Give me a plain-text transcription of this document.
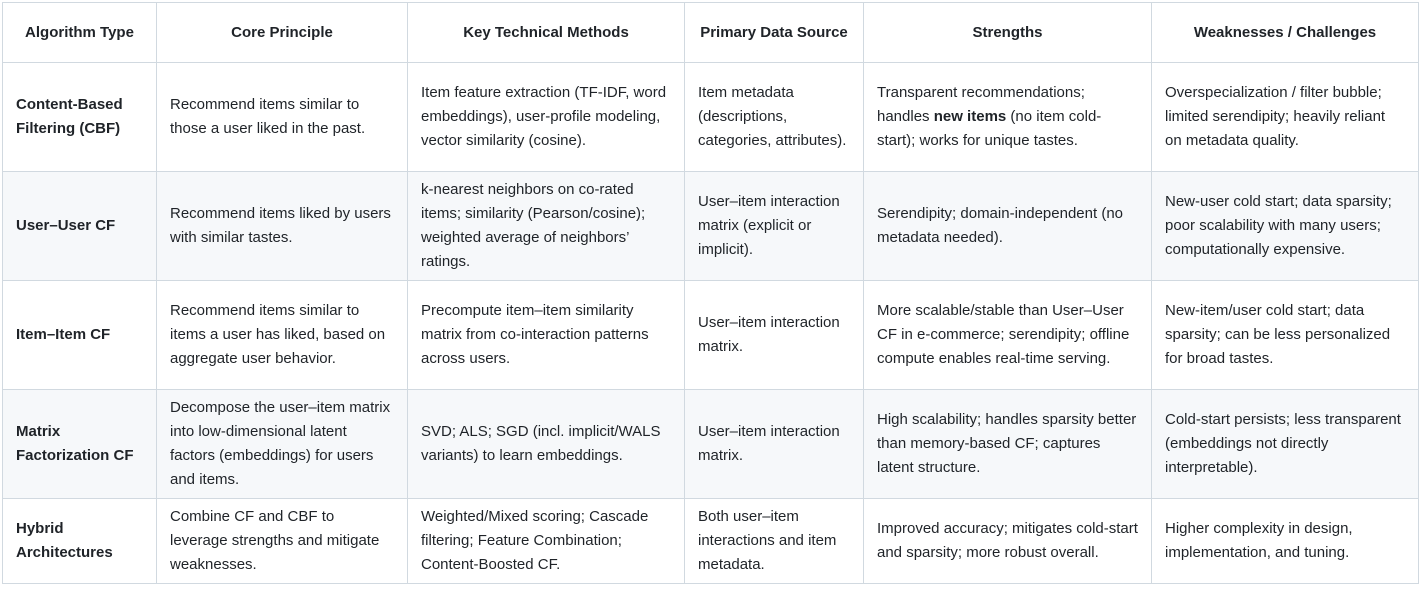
Algorithm Type	Core Principle	Key Technical Methods	Primary Data Source	Strengths	Weaknesses / Challenges
Content-Based Filtering (CBF)	Recommend items similar to those a user liked in the past.	Item feature extraction (TF-IDF, word embeddings), user-profile modeling, vector similarity (cosine).	Item metadata (descriptions, categories, attributes).	Transparent recommendations; handles new items (no item cold-start); works for unique tastes.	Overspecialization / filter bubble; limited serendipity; heavily reliant on metadata quality.
User–User CF	Recommend items liked by users with similar tastes.	k-nearest neighbors on co-rated items; similarity (Pearson/cosine); weighted average of neighbors’ ratings.	User–item interaction matrix (explicit or implicit).	Serendipity; domain-independent (no metadata needed).	New-user cold start; data sparsity; poor scalability with many users; computationally expensive.
Item–Item CF	Recommend items similar to items a user has liked, based on aggregate user behavior.	Precompute item–item similarity matrix from co-interaction patterns across users.	User–item interaction matrix.	More scalable/stable than User–User CF in e-commerce; serendipity; offline compute enables real-time serving.	New-item/user cold start; data sparsity; can be less personalized for broad tastes.
Matrix Factorization CF	Decompose the user–item matrix into low-dimensional latent factors (embeddings) for users and items.	SVD; ALS; SGD (incl. implicit/WALS variants) to learn embeddings.	User–item interaction matrix.	High scalability; handles sparsity better than memory-based CF; captures latent structure.	Cold-start persists; less transparent (embeddings not directly interpretable).
Hybrid Architectures	Combine CF and CBF to leverage strengths and mitigate weaknesses.	Weighted/Mixed scoring; Cascade filtering; Feature Combination; Content-Boosted CF.	Both user–item interactions and item metadata.	Improved accuracy; mitigates cold-start and sparsity; more robust overall.	Higher complexity in design, implementation, and tuning.
